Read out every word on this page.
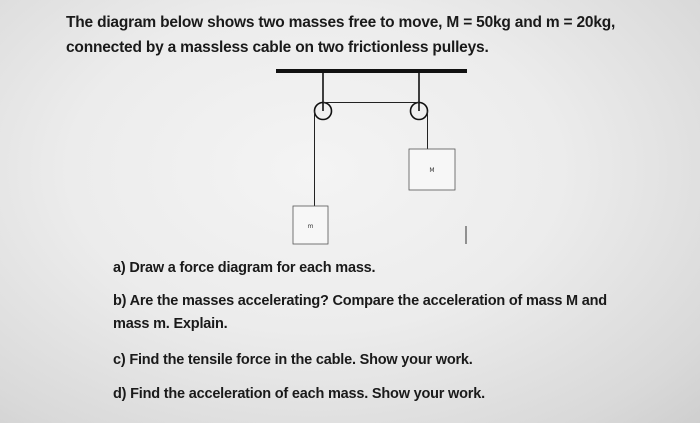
The diagram below shows two masses free to move, M = 50kg and m = 20kg,
connected by a massless cable on two frictionless pulleys.
m
M
a) Draw a force diagram for each mass.
b) Are the masses accelerating? Compare the acceleration of mass M and
mass m. Explain.
c) Find the tensile force in the cable. Show your work.
d) Find the acceleration of each mass. Show your work.
